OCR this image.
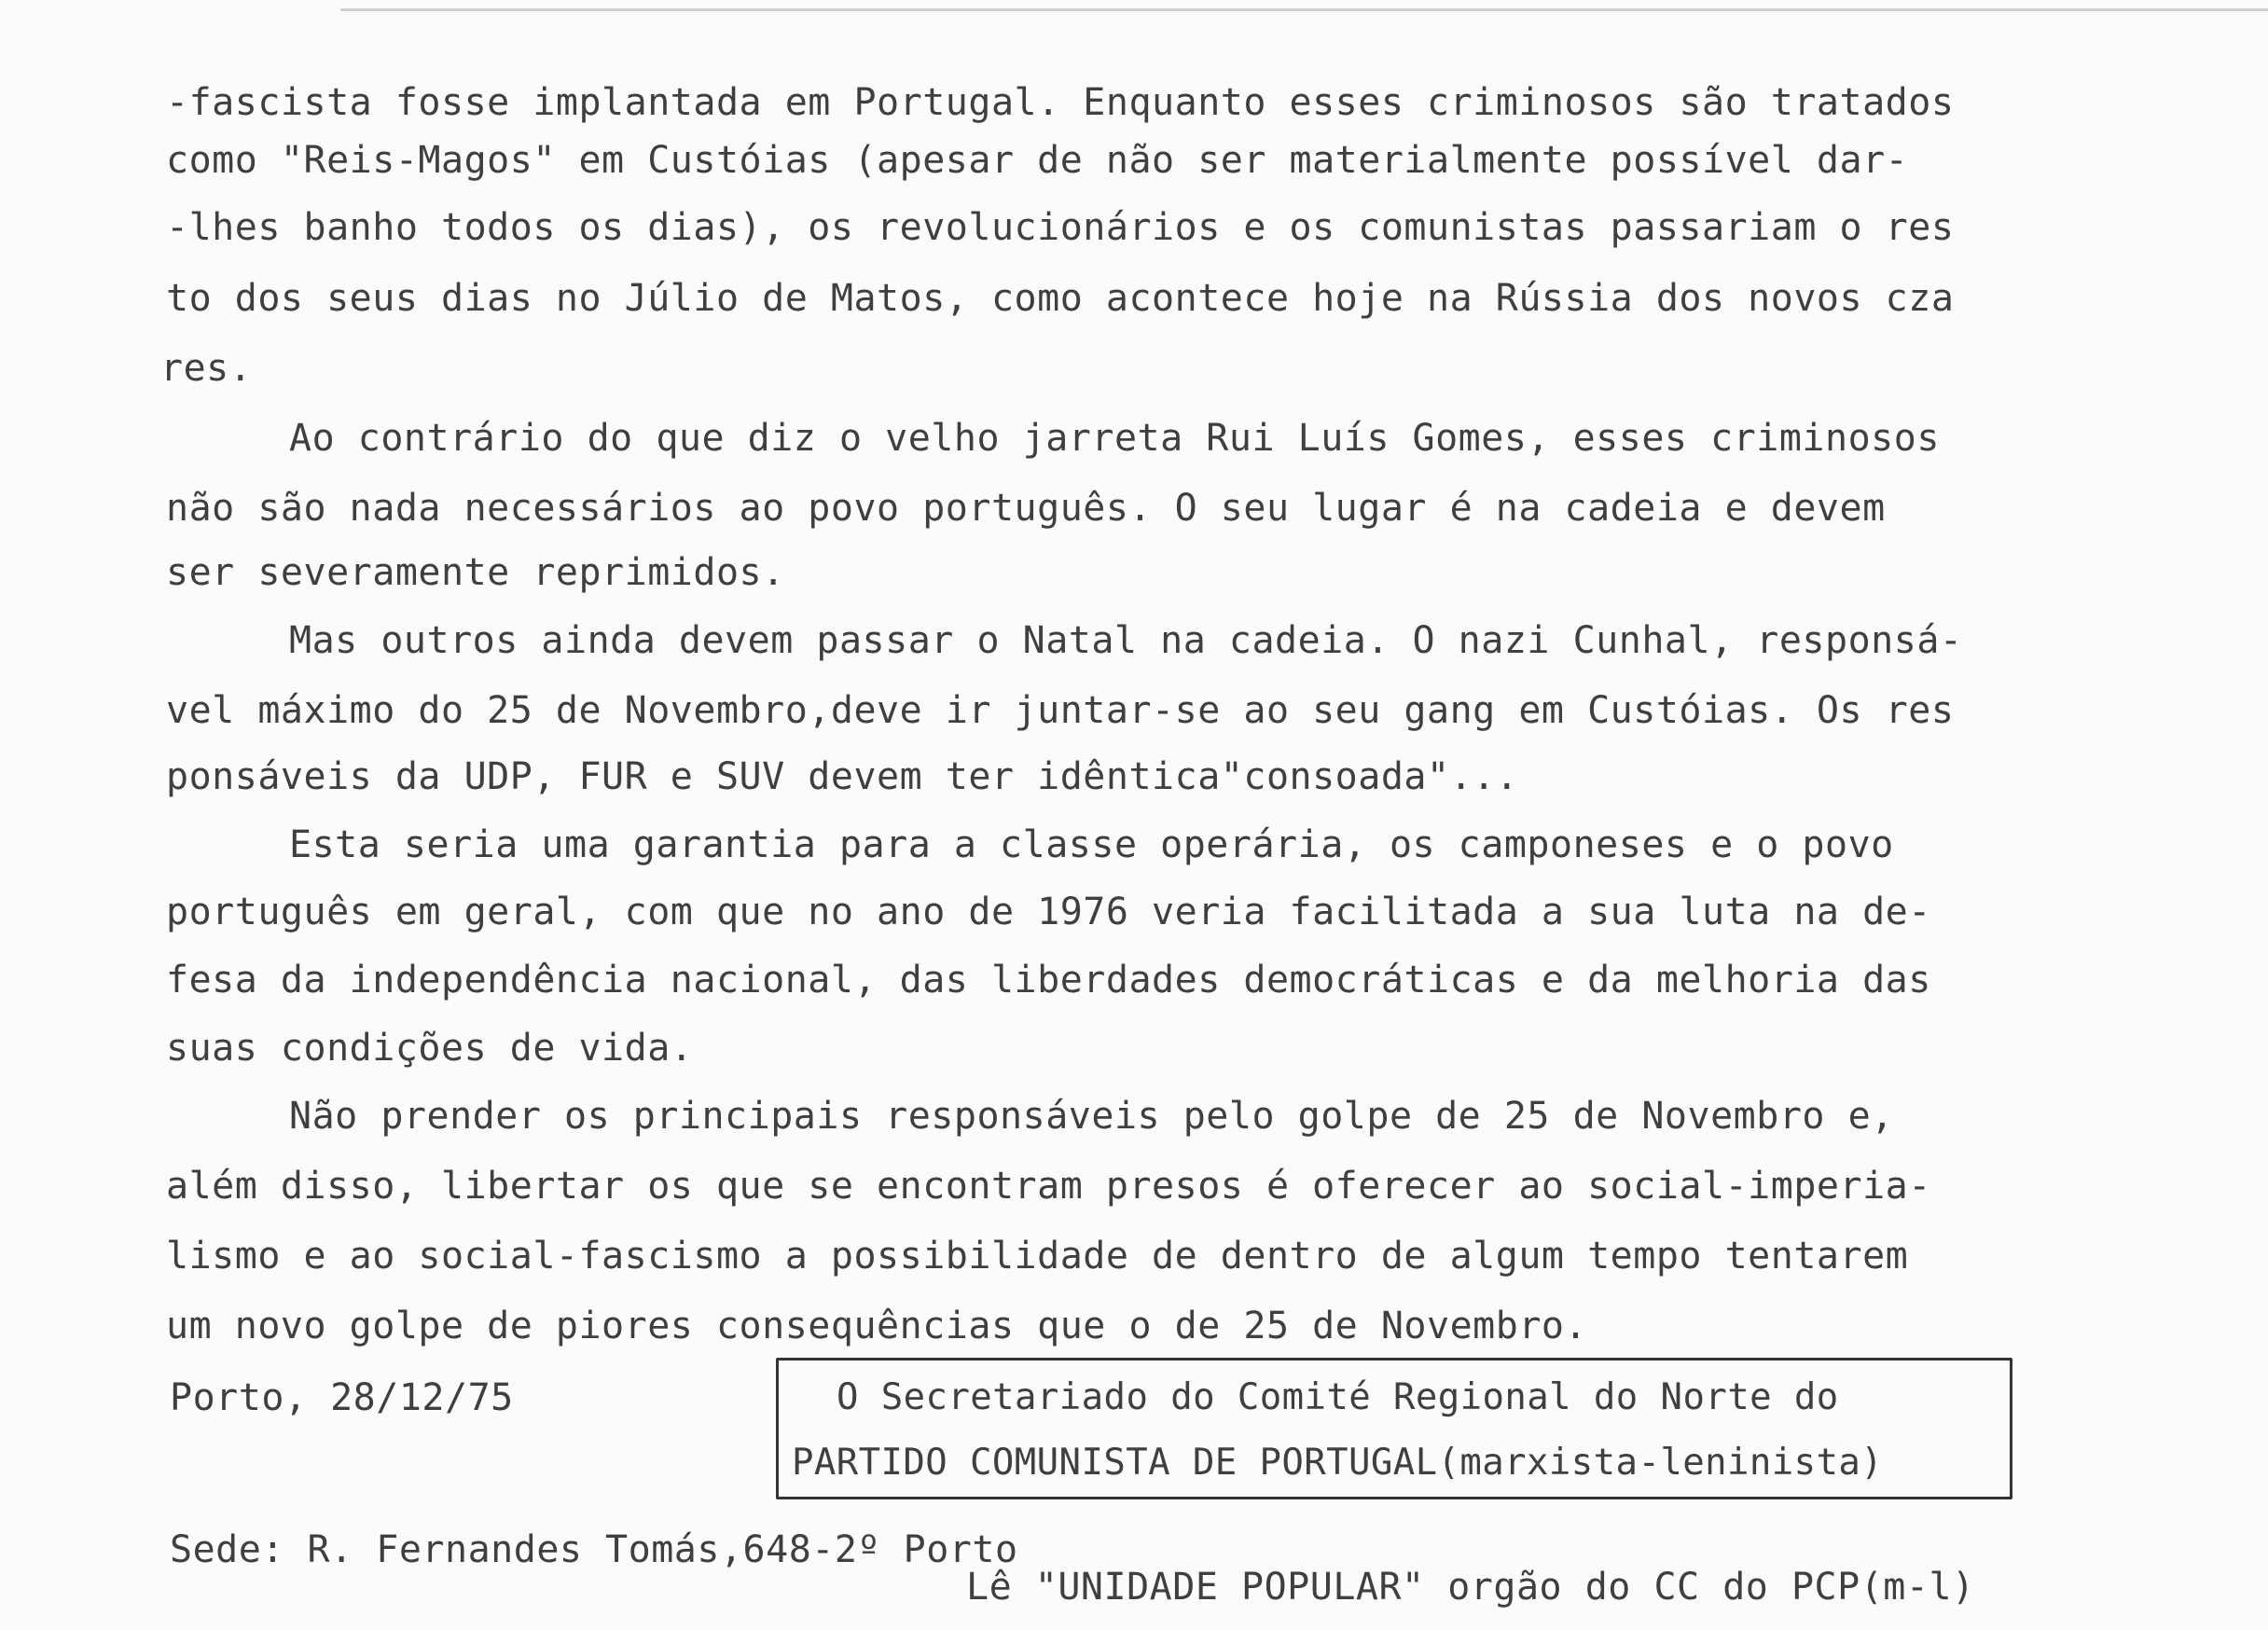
-fascista fosse implantada em Portugal. Enquanto esses criminosos são tratados
como "Reis-Magos" em Custóias (apesar de não ser materialmente possível dar-
-lhes banho todos os dias), os revolucionários e os comunistas passariam o res
to dos seus dias no Júlio de Matos, como acontece hoje na Rússia dos novos cza
res.
Ao contrário do que diz o velho jarreta Rui Luís Gomes, esses criminosos
não são nada necessários ao povo português. O seu lugar é na cadeia e devem
ser severamente reprimidos.
Mas outros ainda devem passar o Natal na cadeia. O nazi Cunhal, responsá-
vel máximo do 25 de Novembro,deve ir juntar-se ao seu gang em Custóias. Os res
ponsáveis da UDP, FUR e SUV devem ter idêntica"consoada"...
Esta seria uma garantia para a classe operária, os camponeses e o povo
português em geral, com que no ano de 1976 veria facilitada a sua luta na de-
fesa da independência nacional, das liberdades democráticas e da melhoria das
suas condições de vida.
Não prender os principais responsáveis pelo golpe de 25 de Novembro e,
além disso, libertar os que se encontram presos é oferecer ao social-imperia-
lismo e ao social-fascismo a possibilidade de dentro de algum tempo tentarem
um novo golpe de piores consequências que o de 25 de Novembro.
Porto, 28/12/75	O Secretariado do Comité Regional do Norte do
PARTIDO COMUNISTA DE PORTUGAL(marxista-leninista)
Sede: R. Fernandes Tomás,648-2º Porto
Lê "UNIDADE POPULAR" orgão do CC do PCP(m-l)
